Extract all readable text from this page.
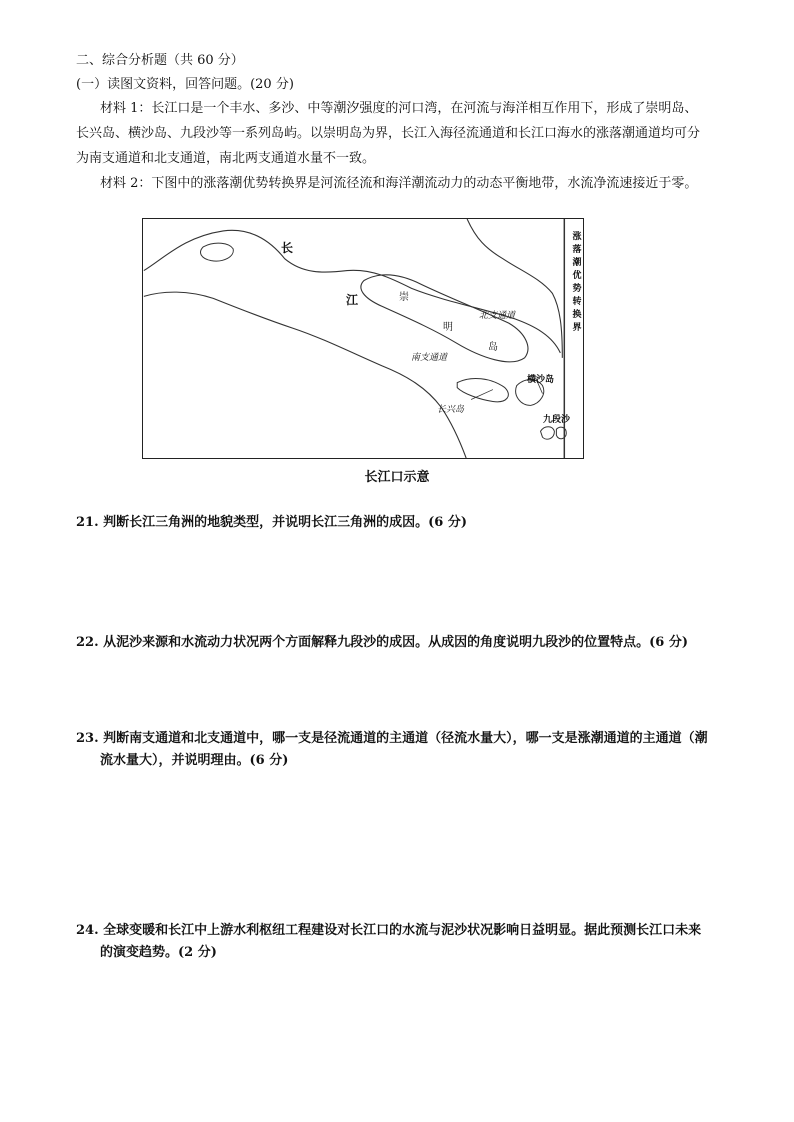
二、综合分析题（共 60 分）
(一）读图文资料，回答问题。(20 分)
材料 1：长江口是一个丰水、多沙、中等潮汐强度的河口湾，在河流与海洋相互作用下，形成了崇明岛、
长兴岛、横沙岛、九段沙等一系列岛屿。以崇明岛为界，长江入海径流通道和长江口海水的涨落潮通道均可分
为南支通道和北支通道，南北两支通道水量不一致。
材料 2：下图中的涨落潮优势转换界是河流径流和海洋潮流动力的动态平衡地带，水流净流速接近于零。
长
江	崇
明
岛
北支通道
南支通道
横沙岛
长兴岛
九段沙
涨
落
潮
优
势
转
换
界
长江口示意
21. 判断长江三角洲的地貌类型，并说明长江三角洲的成因。(6 分)
22. 从泥沙来源和水流动力状况两个方面解释九段沙的成因。从成因的角度说明九段沙的位置特点。(6 分)
23. 判断南支通道和北支通道中，哪一支是径流通道的主通道（径流水量大），哪一支是涨潮通道的主通道（潮
流水量大），并说明理由。(6 分)
24. 全球变暖和长江中上游水利枢纽工程建设对长江口的水流与泥沙状况影响日益明显。据此预测长江口未来
的演变趋势。(2 分)
